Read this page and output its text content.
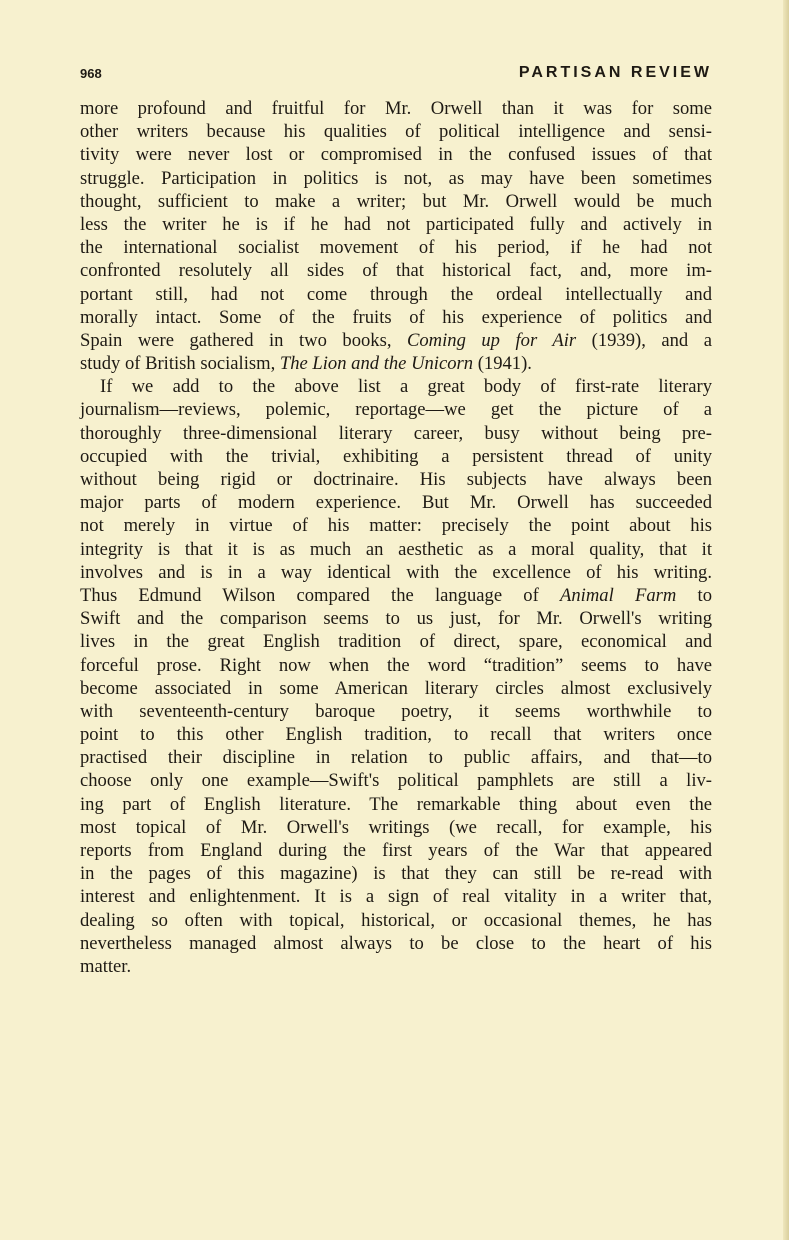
968	PARTISAN REVIEW
more profound and fruitful for Mr. Orwell than it was for some
other writers because his qualities of political intelligence and sensi-
tivity were never lost or compromised in the confused issues of that
struggle. Participation in politics is not, as may have been sometimes
thought, sufficient to make a writer; but Mr. Orwell would be much
less the writer he is if he had not participated fully and actively in
the international socialist movement of his period, if he had not
confronted resolutely all sides of that historical fact, and, more im-
portant still, had not come through the ordeal intellectually and
morally intact. Some of the fruits of his experience of politics and
Spain were gathered in two books, Coming up for Air (1939), and a
study of British socialism, The Lion and the Unicorn (1941).
If we add to the above list a great body of first-rate literary
journalism—reviews, polemic, reportage—we get the picture of a
thoroughly three-dimensional literary career, busy without being pre-
occupied with the trivial, exhibiting a persistent thread of unity
without being rigid or doctrinaire. His subjects have always been
major parts of modern experience. But Mr. Orwell has succeeded
not merely in virtue of his matter: precisely the point about his
integrity is that it is as much an aesthetic as a moral quality, that it
involves and is in a way identical with the excellence of his writing.
Thus Edmund Wilson compared the language of Animal Farm to
Swift and the comparison seems to us just, for Mr. Orwell's writing
lives in the great English tradition of direct, spare, economical and
forceful prose. Right now when the word “tradition” seems to have
become associated in some American literary circles almost exclusively
with seventeenth-century baroque poetry, it seems worthwhile to
point to this other English tradition, to recall that writers once
practised their discipline in relation to public affairs, and that—to
choose only one example—Swift's political pamphlets are still a liv-
ing part of English literature. The remarkable thing about even the
most topical of Mr. Orwell's writings (we recall, for example, his
reports from England during the first years of the War that appeared
in the pages of this magazine) is that they can still be re-read with
interest and enlightenment. It is a sign of real vitality in a writer that,
dealing so often with topical, historical, or occasional themes, he has
nevertheless managed almost always to be close to the heart of his
matter.
